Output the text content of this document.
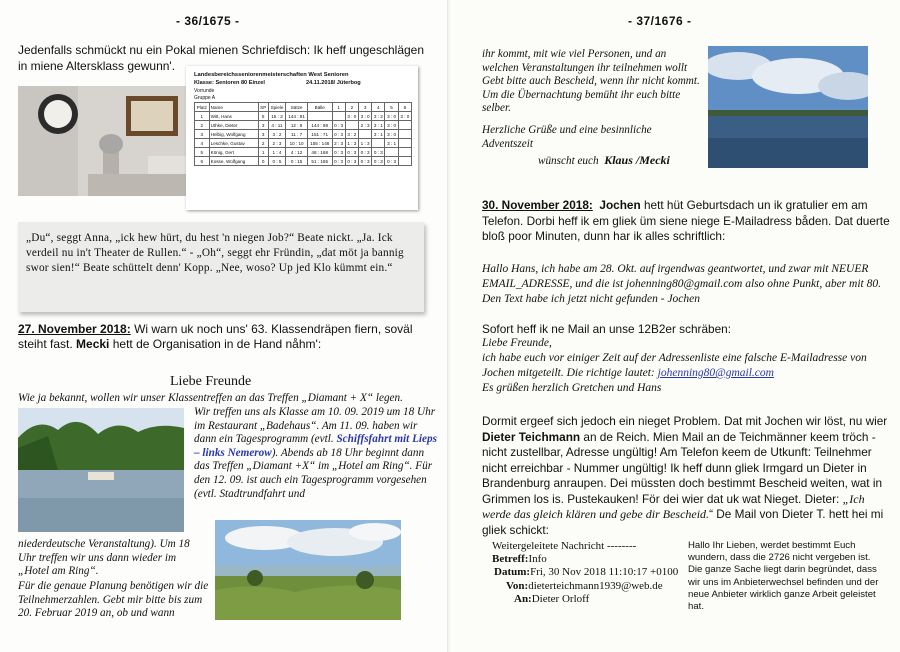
- 36/1675 -
Jedenfalls schmückt nu ein Pokal mienen Schriefdisch: Ik heff ungeschlägen in miene Altersklass gewunn'.
Landesbereichsseniorenmeisterschaften West Senioren
Klasse: Senioren 80 Einzel	24.11.2018/ Jüterbog
Vorrunde
Gruppe A
Platz	Name	SP	Spiele	Sätze	Bälle	1	2	3	4	5	6
1	Witt, Hans	5	15 : 2	144 : 91			3 : 0	3 : 0	3 : 2	3 : 0	3 : 0
2	Uthke, Dieter	3	4 : 11	12 : 8	144 : 98	0 : 3		2 : 3	3 : 1	3 : 0	
3	Helbig, Wolfgang	3	3 : 2	11 : 7	151 : 71	0 : 3	3 : 2		3 : 1	3 : 0	
4	Leschke, Gustav	2	2 : 3	10 : 10	155 : 146	2 : 3	1 : 3	1 : 3		3 : 1	
5	König, Gert	1	1 : 4	4 : 12	48 : 168	0 : 3	0 : 3	0 : 3	0 : 3		
6	Kosse, Wolfgang	0	0 : 5	0 : 15	51 : 165	0 : 3	0 : 3	0 : 3	0 : 3	0 : 3	

„Du“, seggt Anna, „ick hew hürt, du hest 'n niegen Job?“ Beate nickt. „Ja. Ick verdeil nu in't Theater de Rullen.“ - „Oh“, seggt ehr Fründin, „dat möt ja bannig swor sien!“ Beate schüttelt denn' Kopp. „Nee, woso? Up jed Klo kümmt ein.“

27. November 2018: Wi warn uk noch uns' 63. Klassendräpen fiern, soväl steiht fast. Mecki hett de Organisation in de Hand nåhm':
Liebe Freunde
Wie ja bekannt, wollen wir unser Klassentreffen an das Treffen „Diamant + X“ legen.
Wir treffen uns als Klasse am 10. 09. 2019 um 18 Uhr im Restaurant „Badehaus“. Am 11. 09. haben wir dann ein Tagesprogramm (evtl. Schiffsfahrt mit Lieps – links Nemerow). Abends ab 18 Uhr beginnt dann das Treffen „Diamant +X“ im „Hotel am Ring“. Für den 12. 09. ist auch ein Tagesprogramm vorgesehen (evtl. Stadtrundfahrt und
niederdeutsche Veranstaltung). Um 18 Uhr treffen wir uns dann wieder im „Hotel am Ring“.
Für die genaue Planung benötigen wir die Teilnehmerzahlen. Gebt mir bitte bis zum 20. Februar 2019 an, ob und wann
- 37/1676 -
ihr kommt, mit wie viel Personen, und an welchen Veranstaltungen ihr teilnehmen wollt Gebt bitte auch Bescheid, wenn ihr nicht kommt. Um die Übernachtung bemüht ihr euch bitte selber.
Herzliche Grüße und eine besinnliche Adventszeit
wünscht euch Klaus /Mecki
30. November 2018: Jochen hett hüt Geburtsdach un ik gratulier em am Telefon. Dorbi heff ik em gliek üm siene niege E-Mailadress båden. Dat duerte bloß poor Minuten, dunn har ik alles schriftlich:
Hallo Hans, ich habe am 28. Okt. auf irgendwas geantwortet, und zwar mit NEUER EMAIL_ADRESSE, und die ist johenning80@gmail.com also ohne Punkt, aber mit 80. Den Text habe ich jetzt nicht gefunden - Jochen
Sofort heff ik ne Mail an unse 12B2er schräben:
Liebe Freunde,
ich habe euch vor einiger Zeit auf der Adressenliste eine falsche E-Mailadresse von Jochen mitgeteilt. Die richtige lautet: johenning80@gmail.com
Es grüßen herzlich Gretchen und Hans
Dormit ergeef sich jedoch ein nieget Problem. Dat mit Jochen wir löst, nu wier Dieter Teichmann an de Reich. Mien Mail an de Teichmänner keem tröch - nicht zustellbar, Adresse ungültig! Am Telefon keem de Utkunft: Teilnehmer nicht erreichbar - Nummer ungültig! Ik heff dunn gliek Irmgard un Dieter in Brandenburg anraupen. Dei müssten doch bestimmt Bescheid weiten, wat in Grimmen los is. Pustekauken! För dei wier dat uk wat Nieget. Dieter: „Ich werde das gleich klären und gebe dir Bescheid.“ De Mail von Dieter T. hett hei mi gliek schickt:
Weitergeleitete Nachricht --------
Betreff:Info
Datum:Fri, 30 Nov 2018 11:10:17 +0100
Von:dieterteichmann1939@web.de
An:Dieter Orloff
Hallo Ihr Lieben, werdet bestimmt Euch wundern, dass die 2726 nicht vergeben ist. Die ganze Sache liegt darin begründet, dass wir uns im Anbieterwechsel befinden und der neue Anbieter wirklich ganze Arbeit geleistet hat.
